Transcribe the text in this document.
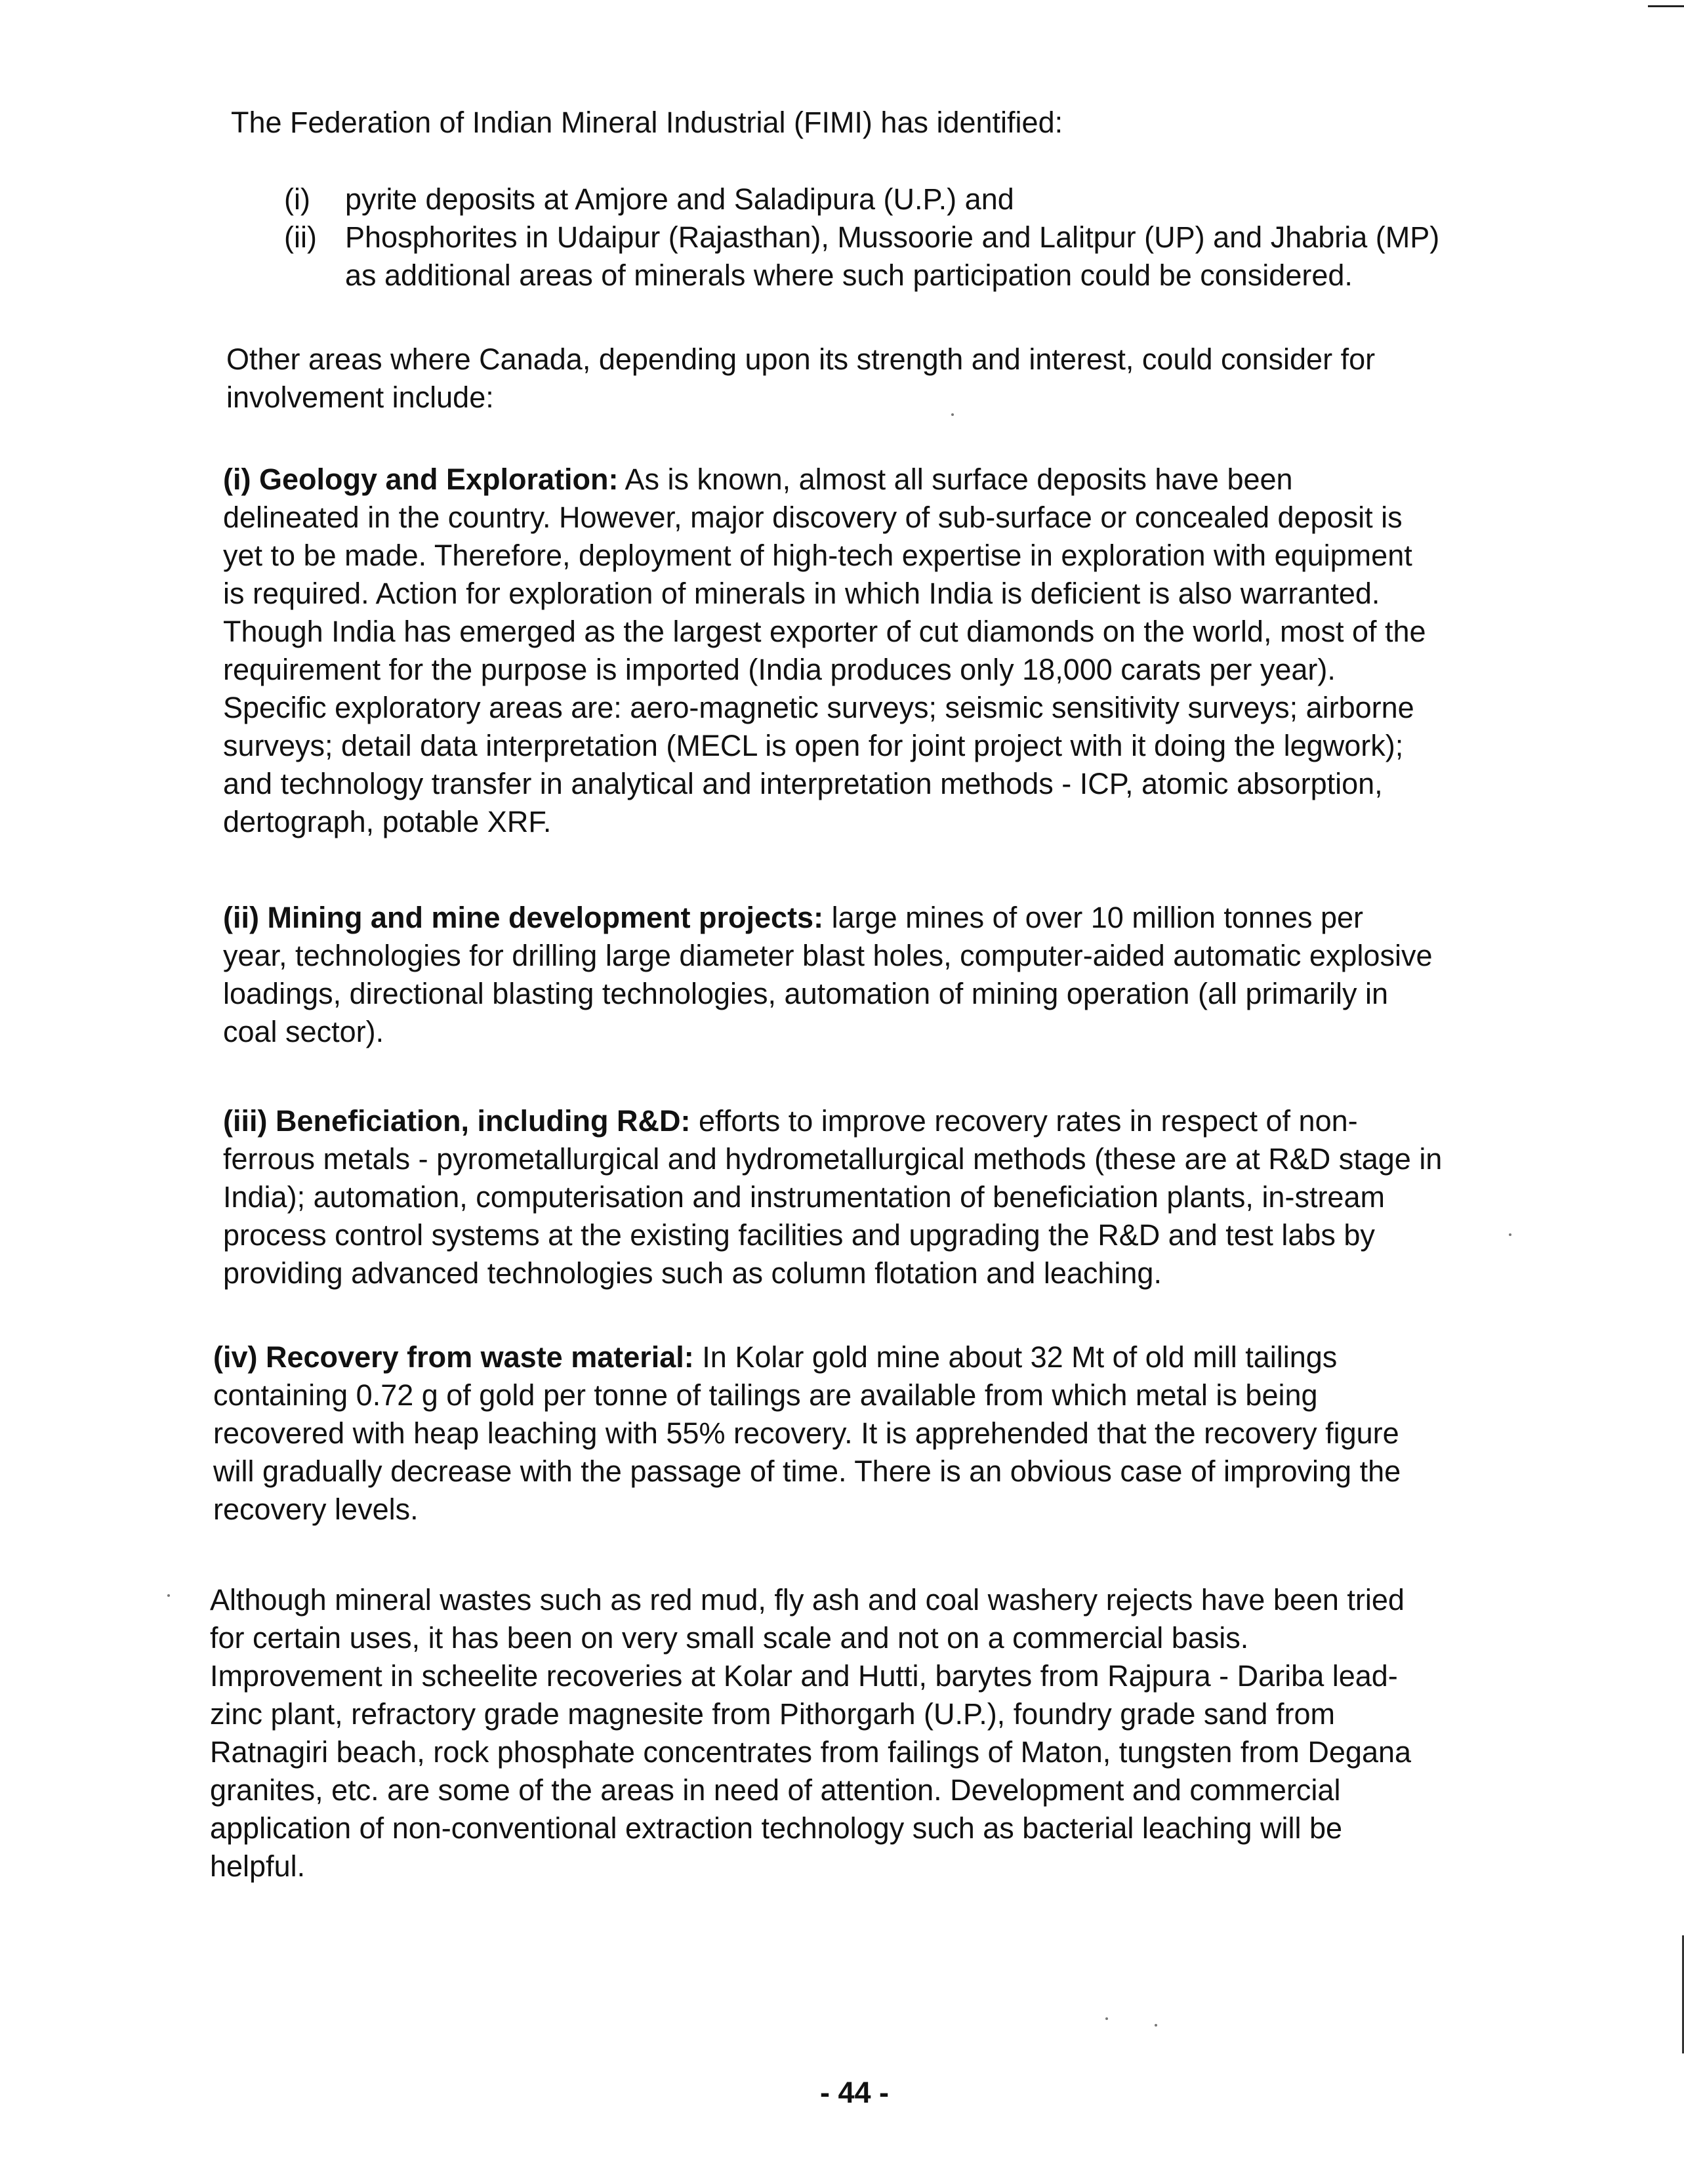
The Federation of Indian Mineral Industrial (FIMI) has identified:

(i)	pyrite deposits at Amjore and Saladipura (U.P.) and
(ii) Phosphorites in Udaipur (Rajasthan), Mussoorie and Lalitpur (UP) and Jhabria (MP)
as additional areas of minerals where such participation could be considered.

Other areas where Canada, depending upon its strength and interest, could consider for
involvement include:

(i) Geology and Exploration: As is known, almost all surface deposits have been
delineated in the country. However, major discovery of sub-surface or concealed deposit is
yet to be made. Therefore, deployment of high-tech expertise in exploration with equipment
is required. Action for exploration of minerals in which India is deficient is also warranted.
Though India has emerged as the largest exporter of cut diamonds on the world, most of the
requirement for the purpose is imported (India produces only 18,000 carats per year).
Specific exploratory areas are: aero-magnetic surveys; seismic sensitivity surveys; airborne
surveys; detail data interpretation (MECL is open for joint project with it doing the legwork);
and technology transfer in analytical and interpretation methods - ICP, atomic absorption,
dertograph, potable XRF.

(ii) Mining and mine development projects: large mines of over 10 million tonnes per
year, technologies for drilling large diameter blast holes, computer-aided automatic explosive
loadings, directional blasting technologies, automation of mining operation (all primarily in
coal sector).

(iii) Beneficiation, including R&D: efforts to improve recovery rates in respect of non-
ferrous metals - pyrometallurgical and hydrometallurgical methods (these are at R&D stage in
India); automation, computerisation and instrumentation of beneficiation plants, in-stream
process control systems at the existing facilities and upgrading the R&D and test labs by
providing advanced technologies such as column flotation and leaching.

(iv) Recovery from waste material: In Kolar gold mine about 32 Mt of old mill tailings
containing 0.72 g of gold per tonne of tailings are available from which metal is being
recovered with heap leaching with 55% recovery. It is apprehended that the recovery figure
will gradually decrease with the passage of time. There is an obvious case of improving the
recovery levels.

Although mineral wastes such as red mud, fly ash and coal washery rejects have been tried
for certain uses, it has been on very small scale and not on a commercial basis.
Improvement in scheelite recoveries at Kolar and Hutti, barytes from Rajpura - Dariba lead-
zinc plant, refractory grade magnesite from Pithorgarh (U.P.), foundry grade sand from
Ratnagiri beach, rock phosphate concentrates from failings of Maton, tungsten from Degana
granites, etc. are some of the areas in need of attention. Development and commercial
application of non-conventional extraction technology such as bacterial leaching will be
helpful.

- 44 -
